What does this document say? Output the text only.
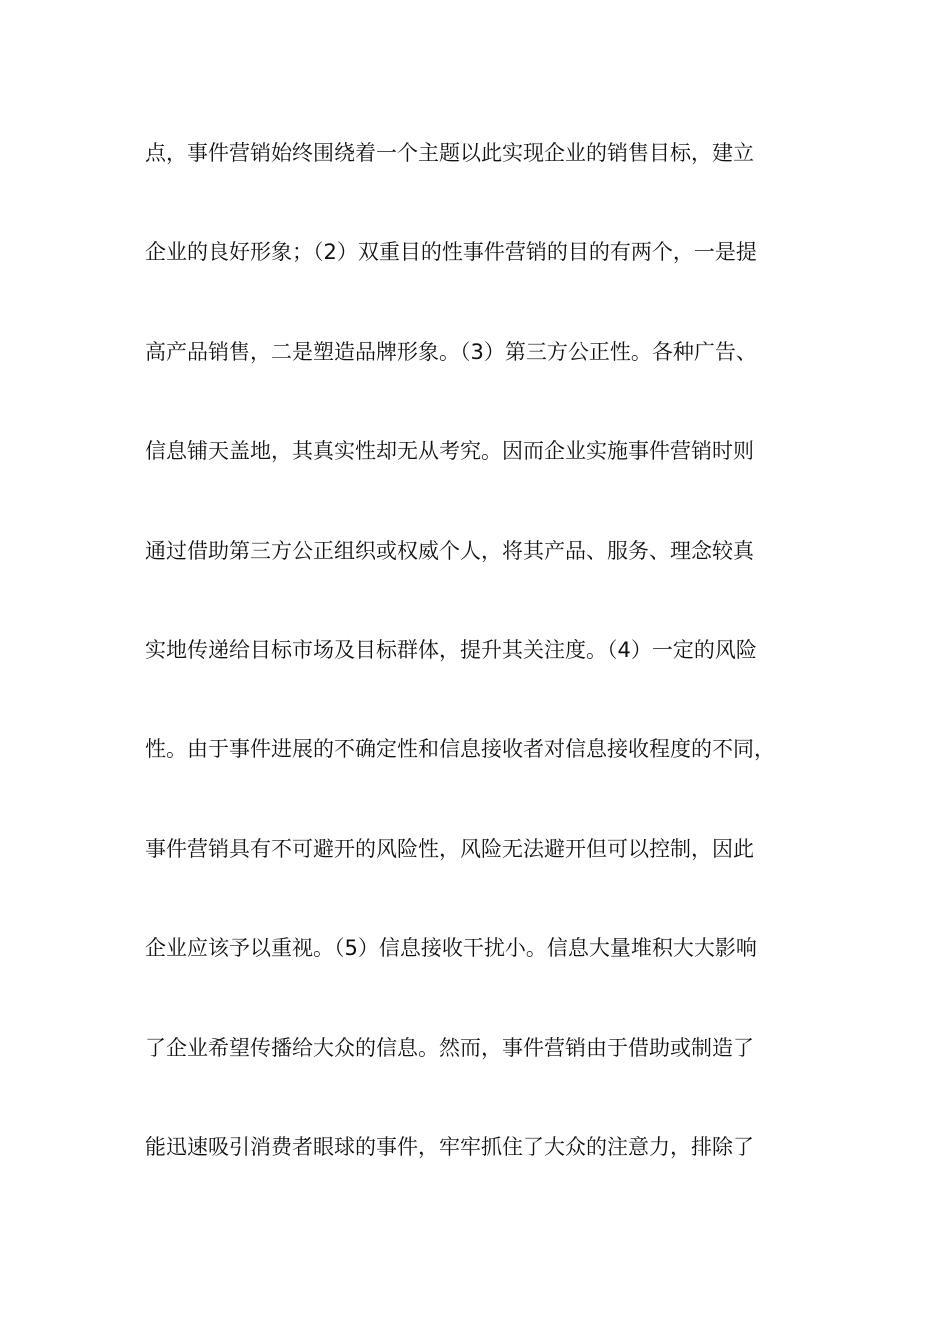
点，事件营销始终围绕着一个主题以此实现企业的销售目标，建立
企业的良好形象；（2）双重目的性事件营销的目的有两个，一是提
高产品销售，二是塑造品牌形象。（3）第三方公正性。各种广告、
信息铺天盖地，其真实性却无从考究。因而企业实施事件营销时则
通过借助第三方公正组织或权威个人，将其产品、服务、理念较真
实地传递给目标市场及目标群体，提升其关注度。（4）一定的风险
性。由于事件进展的不确定性和信息接收者对信息接收程度的不同，
事件营销具有不可避开的风险性，风险无法避开但可以控制，因此
企业应该予以重视。（5）信息接收干扰小。信息大量堆积大大影响
了企业希望传播给大众的信息。然而，事件营销由于借助或制造了
能迅速吸引消费者眼球的事件，牢牢抓住了大众的注意力，排除了
